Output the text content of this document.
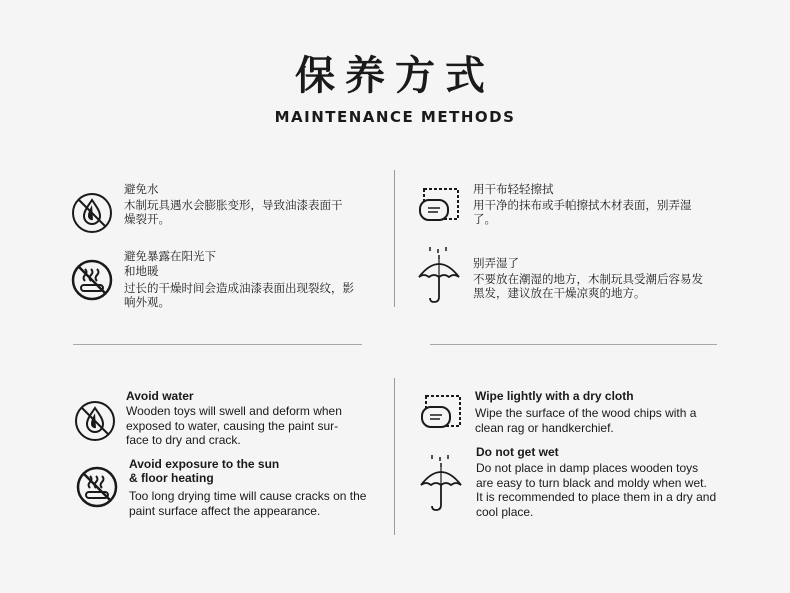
保养方式
MAINTENANCE METHODS
避免水
木制玩具遇水会膨胀变形，导致油漆表面干
燥裂开。
避免暴露在阳光下
和地暖
过长的干燥时间会造成油漆表面出现裂纹，影
响外观。
用干布轻轻擦拭
用干净的抹布或手帕擦拭木材表面，别弄湿
了。
别弄湿了
不要放在潮湿的地方，木制玩具受潮后容易发
黑发，建议放在干燥凉爽的地方。
Avoid water
Wooden toys will swell and deform when
exposed to water, causing the paint sur-
face to dry and crack.
Avoid exposure to the sun
& floor heating
Too long drying time will cause cracks on the
paint surface affect the appearance.
Wipe lightly with a dry cloth
Wipe the surface of the wood chips with a
clean rag or handkerchief.
Do not get wet
Do not place in damp places wooden toys
are easy to turn black and moldy when wet.
It is recommended to place them in a dry and
cool place.
